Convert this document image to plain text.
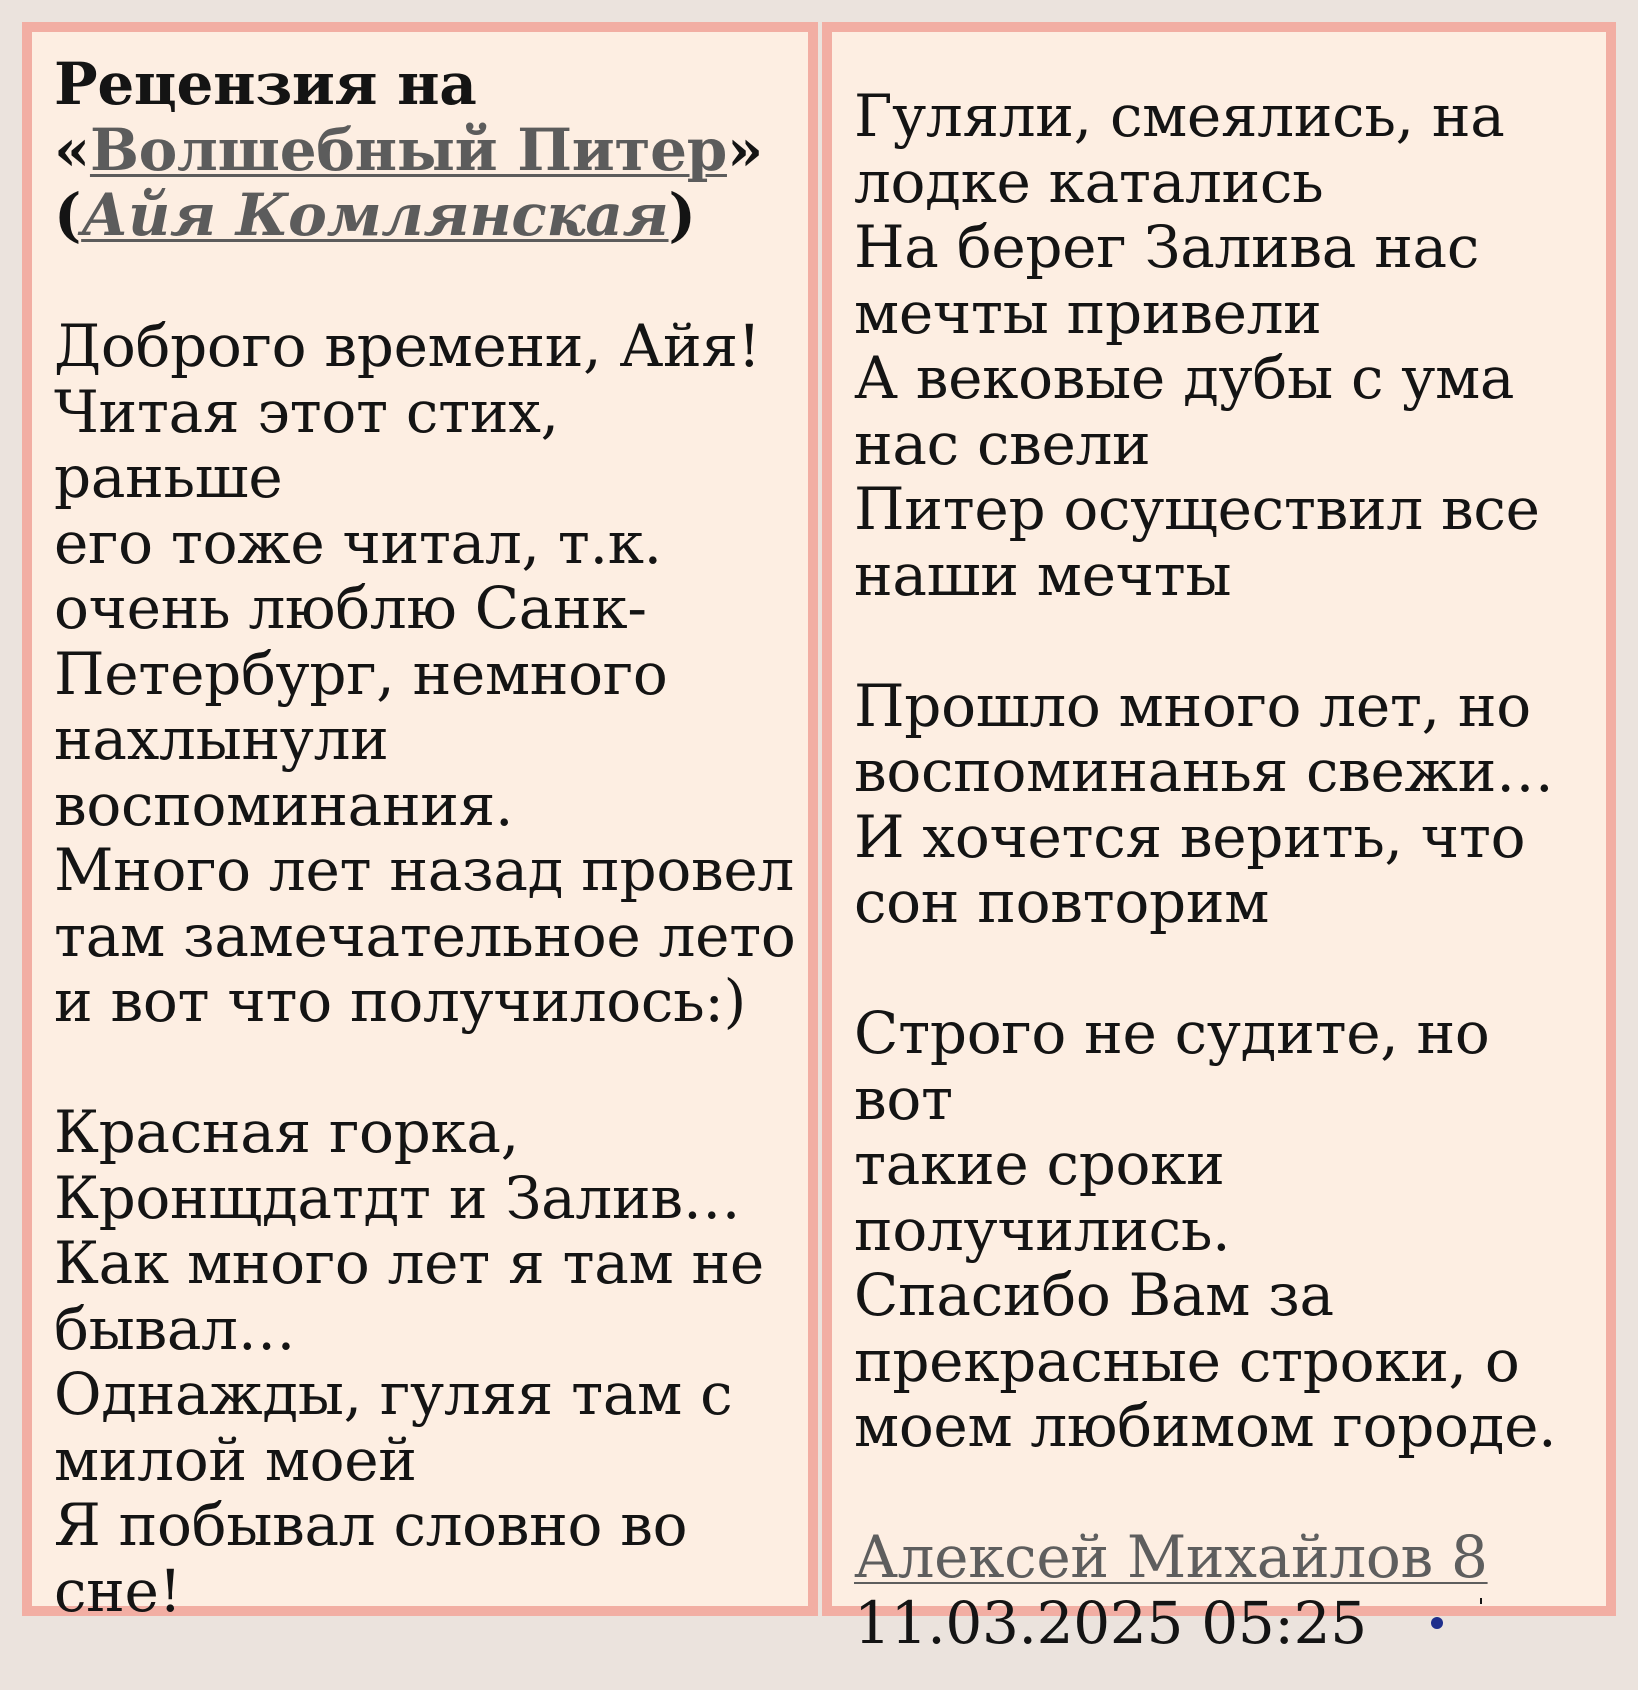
Рецензия на
«Волшебный Питер»
(Айя Комлянская)
Доброго времени, Айя!
Читая этот стих, раньше
его тоже читал, т.к.
очень люблю Санк-
Петербург, немного
нахлынули
воспоминания.
Много лет назад провел
там замечательное лето
и вот что получилось:)
Красная горка,
Кронщдатдт и Залив…
Как много лет я там не
бывал…
Однажды, гуляя там с
милой моей
Я побывал словно во
сне!
Гуляли, смеялись, на
лодке катались
На берег Залива нас
мечты привели
А вековые дубы с ума
нас свели
Питер осуществил все
наши мечты
Прошло много лет, но
воспоминанья свежи…
И хочется верить, что
сон повторим
Строго не судите, но вот
такие сроки
получились.
Спасибо Вам за
прекрасные строки, о
моем любимом городе.
Алексей Михайлов 8
11.03.2025 05:25
